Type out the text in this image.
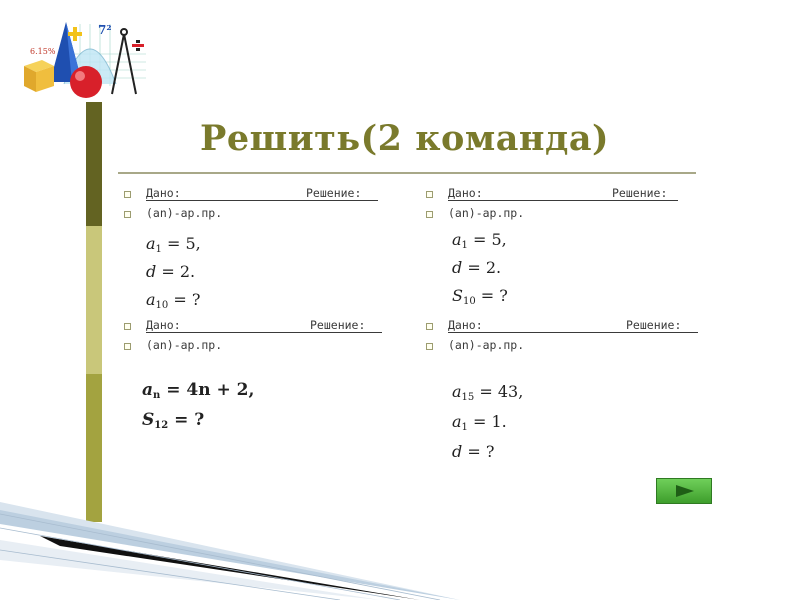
6.15%
7²
Решить(2 команда)
Дано:	Решение:
(an)-ар.пр.
$a_1 = 5$,
d = 2.
$a_{10}$ = ?
Дано:	Решение:
(an)-ар.пр.
$a_1 = 5$,
d = 2.
$S_{10}$ = ?
Дано:	Решение:
(an)-ар.пр.
$a_n = 4n + 2$,
$S_{12}$ = ?
Дано:	Решение:
(an)-ар.пр.
$a_{15} = 43$,
$a_1 = 1$.
d = ?
